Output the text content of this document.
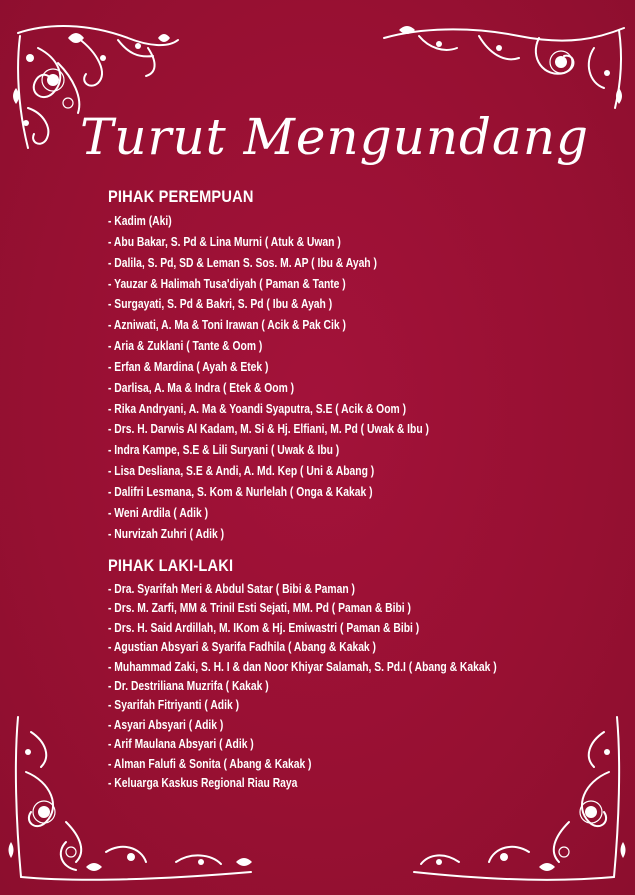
Turut Mengundang
PIHAK PEREMPUAN
- Kadim (Aki)
- Abu Bakar, S. Pd & Lina Murni ( Atuk & Uwan )
- Dalila, S. Pd, SD & Leman S. Sos. M. AP ( Ibu & Ayah )
- Yauzar & Halimah Tusa'diyah ( Paman & Tante )
- Surgayati, S. Pd & Bakri, S. Pd ( Ibu & Ayah )
- Azniwati, A. Ma & Toni Irawan ( Acik & Pak Cik )
- Aria & Zuklani ( Tante & Oom )
- Erfan & Mardina ( Ayah & Etek )
- Darlisa, A. Ma & Indra ( Etek & Oom )
- Rika Andryani, A. Ma & Yoandi Syaputra, S.E ( Acik & Oom )
- Drs. H. Darwis Al Kadam, M. Si & Hj. Elfiani, M. Pd ( Uwak & Ibu )
- Indra Kampe, S.E & Lili Suryani ( Uwak & Ibu )
- Lisa Desliana, S.E & Andi, A. Md. Kep ( Uni & Abang )
- Dalifri Lesmana, S. Kom & Nurlelah ( Onga & Kakak )
- Weni Ardila ( Adik )
- Nurvizah Zuhri ( Adik )
PIHAK LAKI-LAKI
- Dra. Syarifah Meri & Abdul Satar ( Bibi & Paman )
- Drs. M. Zarfi, MM & Trinil Esti Sejati, MM. Pd ( Paman & Bibi )
- Drs. H. Said Ardillah, M. IKom & Hj. Emiwastri ( Paman & Bibi )
- Agustian Absyari & Syarifa Fadhila ( Abang & Kakak )
- Muhammad Zaki, S. H. I & dan Noor Khiyar Salamah, S. Pd.I ( Abang & Kakak )
- Dr. Destriliana Muzrifa ( Kakak )
- Syarifah Fitriyanti ( Adik )
- Asyari Absyari ( Adik )
- Arif Maulana Absyari ( Adik )
- Alman Falufi & Sonita ( Abang & Kakak )
- Keluarga Kaskus Regional Riau Raya
